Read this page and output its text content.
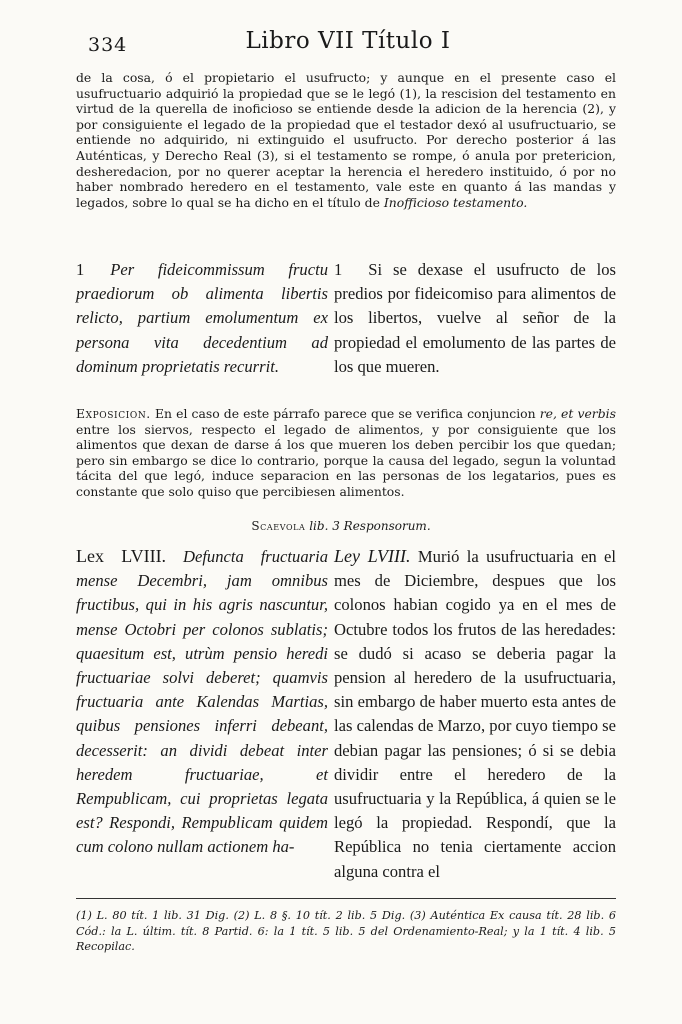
334	Libro VII Título I

de la cosa, ó el propietario el usufructo; y aunque en el presente caso el usufructuario adquirió la propiedad que se le legó (1), la rescision del testamento en virtud de la querella de inoficioso se entiende desde la adicion de la herencia (2), y por consiguiente el legado de la propiedad que el testador dexó al usufructuario, se entiende no adquirido, ni extinguido el usufructo. Por derecho posterior á las Auténticas, y Derecho Real (3), si el testamento se rompe, ó anula por pretericion, desheredacion, por no querer aceptar la herencia el heredero instituido, ó por no haber nombrado heredero en el testamento, vale este en quanto á las mandas y legados, sobre lo qual se ha dicho en el título de Inofficioso testamento.

1 Per fideicommissum fructu praediorum ob alimenta libertis relicto, partium emolumentum ex persona vita decedentium ad dominum proprietatis recurrit.

1 Si se dexase el usufructo de los predios por fideicomiso para alimentos de los libertos, vuelve al señor de la propiedad el emolumento de las partes de los que mueren.

Exposicion. En el caso de este párrafo parece que se verifica conjuncion re, et verbis entre los siervos, respecto el legado de alimentos, y por consiguiente que los alimentos que dexan de darse á los que mueren los deben percibir los que quedan; pero sin embargo se dice lo contrario, porque la causa del legado, segun la voluntad tácita del que legó, induce separacion en las personas de los legatarios, pues es constante que solo quiso que percibiesen alimentos.

Scaevola lib. 3 Responsorum.

Lex LVIII. Defuncta fructuaria mense Decembri, jam omnibus fructibus, qui in his agris nascuntur, mense Octobri per colonos sublatis; quaesitum est, utrùm pensio heredi fructuariae solvi deberet; quamvis fructuaria ante Kalendas Martias, quibus pensiones inferri debeant, decesserit: an dividi debeat inter heredem fructuariae, et Rempublicam, cui proprietas legata est? Respondi, Rempublicam quidem cum colono nullam actionem ha-

Ley LVIII. Murió la usufructuaria en el mes de Diciembre, despues que los colonos habian cogido ya en el mes de Octubre todos los frutos de las heredades: se dudó si acaso se deberia pagar la pension al heredero de la usufructuaria, sin embargo de haber muerto esta antes de las calendas de Marzo, por cuyo tiempo se debian pagar las pensiones; ó si se debia dividir entre el heredero de la usufructuaria y la República, á quien se le legó la propiedad. Respondí, que la República no tenia ciertamente accion alguna contra el

(1) L. 80 tít. 1 lib. 31 Dig. (2) L. 8 §. 10 tít. 2 lib. 5 Dig. (3) Auténtica Ex causa tít. 28 lib. 6 Cód.: la L. últim. tít. 8 Partid. 6: la 1 tít. 5 lib. 5 del Ordenamiento-Real; y la 1 tít. 4 lib. 5 Recopilac.
